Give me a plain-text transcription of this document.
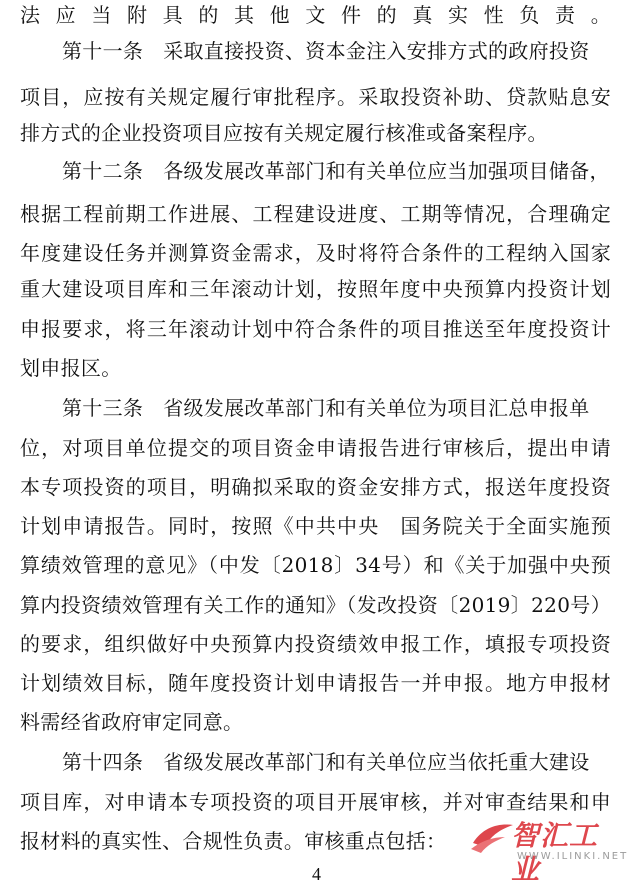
法应当附具的其他文件的真实性负责。
第十一条 采取直接投资、资本金注入安排方式的政府投资
项目，应按有关规定履行审批程序。采取投资补助、贷款贴息安
排方式的企业投资项目应按有关规定履行核准或备案程序。
第十二条 各级发展改革部门和有关单位应当加强项目储备，
根据工程前期工作进展、工程建设进度、工期等情况，合理确定
年度建设任务并测算资金需求，及时将符合条件的工程纳入国家
重大建设项目库和三年滚动计划，按照年度中央预算内投资计划
申报要求，将三年滚动计划中符合条件的项目推送至年度投资计
划申报区。
第十三条 省级发展改革部门和有关单位为项目汇总申报单
位，对项目单位提交的项目资金申请报告进行审核后，提出申请
本专项投资的项目，明确拟采取的资金安排方式，报送年度投资
计划申请报告。同时，按照《中共中央　国务院关于全面实施预
算绩效管理的意见》（中发〔2018〕34号）和《关于加强中央预
算内投资绩效管理有关工作的通知》（发改投资〔2019〕220号）
的要求，组织做好中央预算内投资绩效申报工作，填报专项投资
计划绩效目标，随年度投资计划申请报告一并申报。地方申报材
料需经省政府审定同意。
第十四条 省级发展改革部门和有关单位应当依托重大建设
项目库，对申请本专项投资的项目开展审核，并对审查结果和申
报材料的真实性、合规性负责。审核重点包括：
4
智汇工业
WWW.ILINKI.NET
